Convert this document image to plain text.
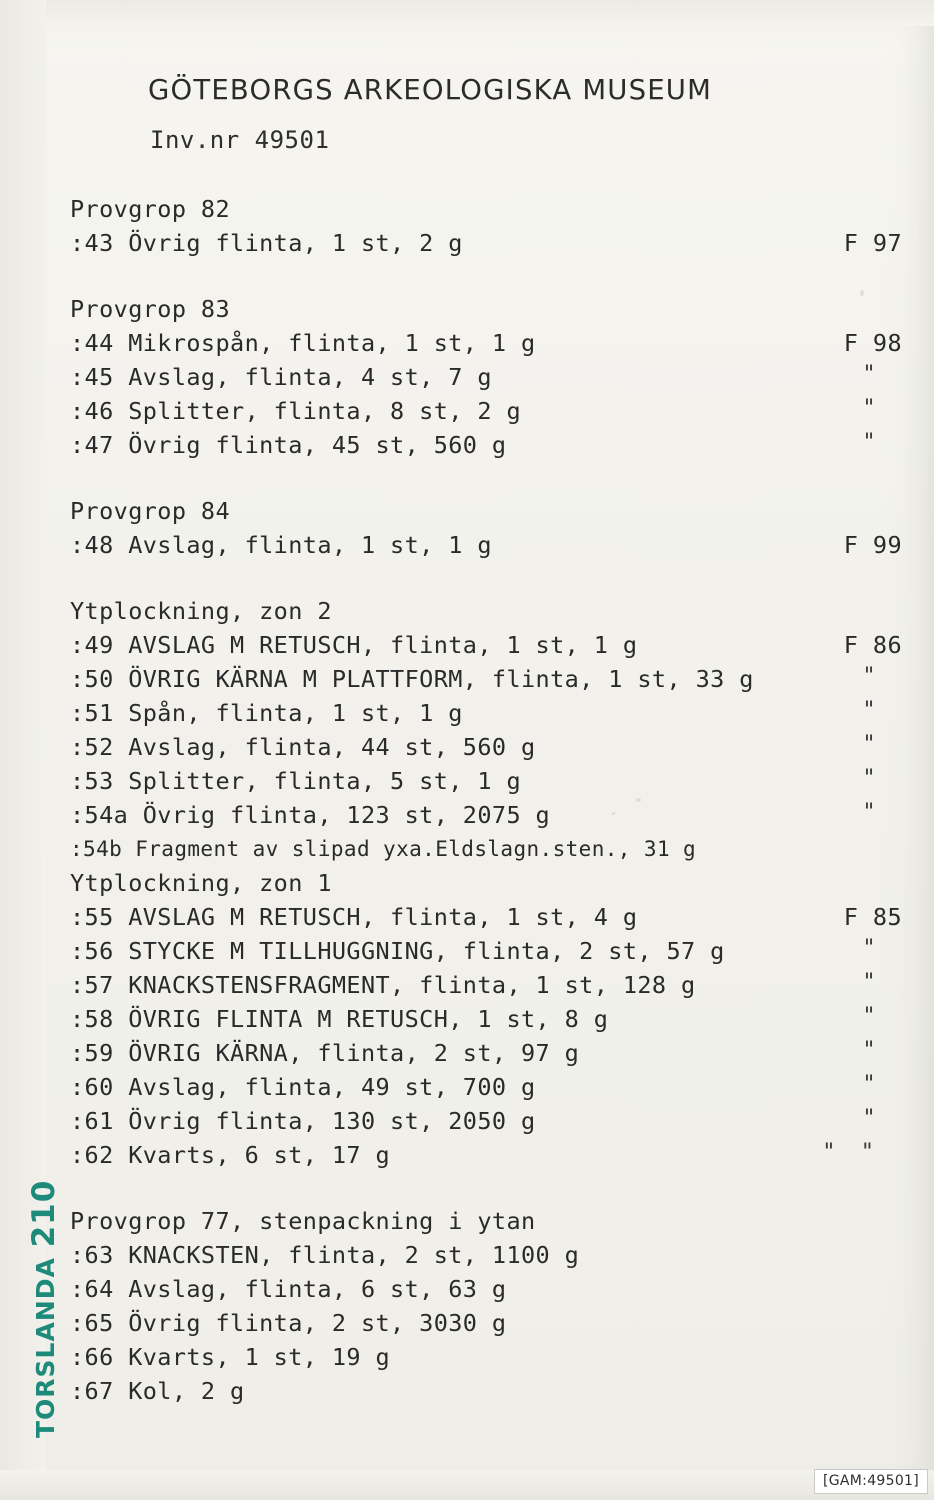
GÖTEBORGS ARKEOLOGISKA MUSEUM
Inv.nr 49501
Provgrop 82
:43 Övrig flinta, 1 st, 2 g	F 97
Provgrop 83
:44 Mikrospån, flinta, 1 st, 1 g	F 98
:45 Avslag, flinta, 4 st, 7 g	"
:46 Splitter, flinta, 8 st, 2 g	"
:47 Övrig flinta, 45 st, 560 g	"
Provgrop 84
:48 Avslag, flinta, 1 st, 1 g	F 99
Ytplockning, zon 2
:49 AVSLAG M RETUSCH, flinta, 1 st, 1 g	F 86
:50 ÖVRIG KÄRNA M PLATTFORM, flinta, 1 st, 33 g	"
:51 Spån, flinta, 1 st, 1 g	"
:52 Avslag, flinta, 44 st, 560 g	"
:53 Splitter, flinta, 5 st, 1 g	"
:54a Övrig flinta, 123 st, 2075 g	"
:54b Fragment av slipad yxa.Eldslagn.sten., 31 g
Ytplockning, zon 1
:55 AVSLAG M RETUSCH, flinta, 1 st, 4 g	F 85
:56 STYCKE M TILLHUGGNING, flinta, 2 st, 57 g	"
:57 KNACKSTENSFRAGMENT, flinta, 1 st, 128 g	"
:58 ÖVRIG FLINTA M RETUSCH, 1 st, 8 g	"
:59 ÖVRIG KÄRNA, flinta, 2 st, 97 g	"
:60 Avslag, flinta, 49 st, 700 g	"
:61 Övrig flinta, 130 st, 2050 g	"
:62 Kvarts, 6 st, 17 g	" "
Provgrop 77, stenpackning i ytan
:63 KNACKSTEN, flinta, 2 st, 1100 g
:64 Avslag, flinta, 6 st, 63 g
:65 Övrig flinta, 2 st, 3030 g
:66 Kvarts, 1 st, 19 g
:67 Kol, 2 g
TORSLANDA 210
[GAM:49501]
